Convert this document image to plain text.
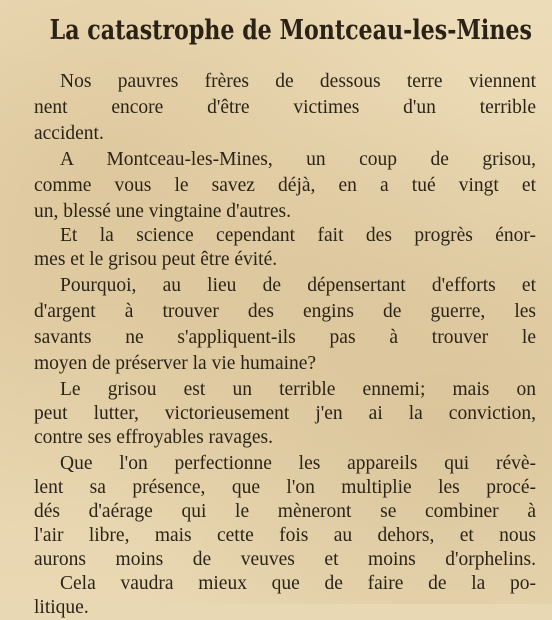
La catastrophe de Montceau-les-Mines
Nos pauvres frères de dessous terre viennent
nent encore d'être victimes d'un terrible
accident.
A Montceau-les-Mines, un coup de grisou,
comme vous le savez déjà, en a tué vingt et
un, blessé une vingtaine d'autres.
Et la science cependant fait des progrès énor-
mes et le grisou peut être évité.
Pourquoi, au lieu de dépensertant d'efforts et
d'argent à trouver des engins de guerre, les
savants ne s'appliquent-ils pas à trouver le
moyen de préserver la vie humaine?
Le grisou est un terrible ennemi; mais on
peut lutter, victorieusement j'en ai la conviction,
contre ses effroyables ravages.
Que l'on perfectionne les appareils qui révè-
lent sa présence, que l'on multiplie les procé-
dés d'aérage qui le mèneront se combiner à
l'air libre, mais cette fois au dehors, et nous
aurons moins de veuves et moins d'orphelins.
Cela vaudra mieux que de faire de la po-
litique.
